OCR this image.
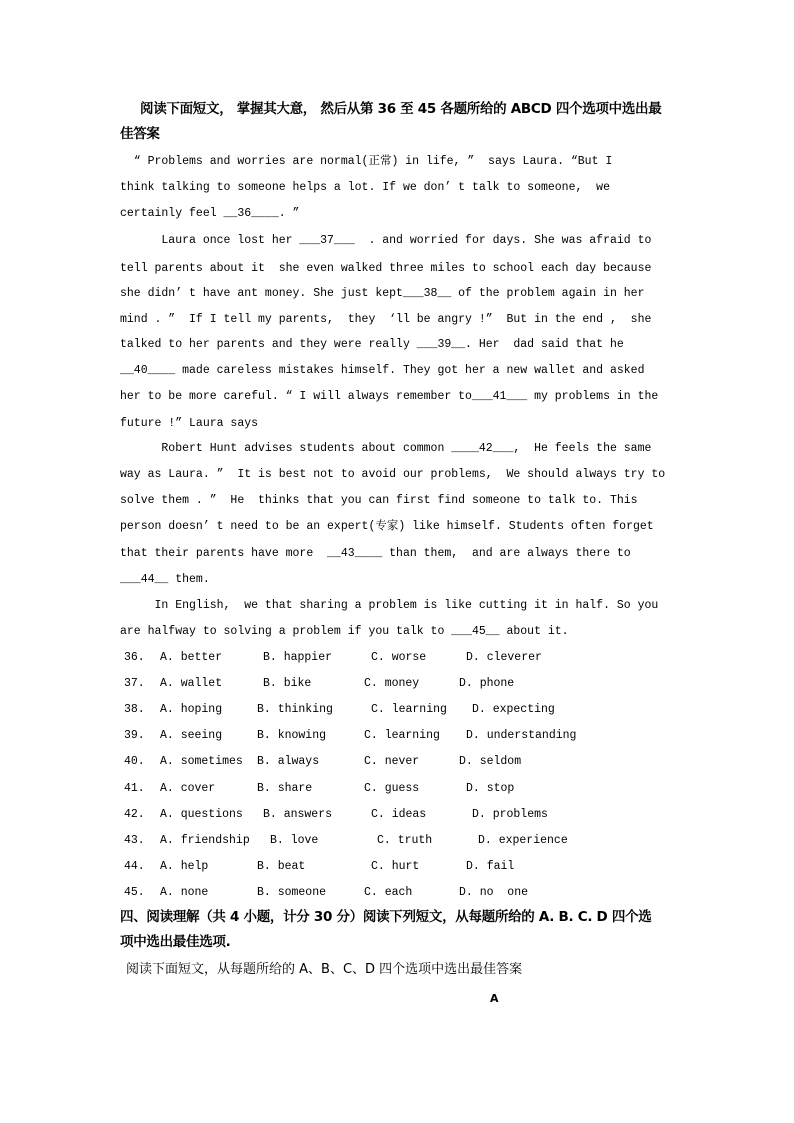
阅读下面短文， 掌握其大意， 然后从第 36 至 45 各题所给的 ABCD 四个选项中选出最
佳答案
“ Problems and worries are normal(正常) in life, ”  says Laura. “But I
think talking to someone helps a lot. If we don’ t talk to someone,  we
certainly feel __36____. ”
Laura once lost her ___37___  . and worried for days. She was afraid to
tell parents about it  she even walked three miles to school each day because
she didn’ t have ant money. She just kept___38__ of the problem again in her
mind . ”  If I tell my parents,  they  ‘ll be angry !”  But in the end ,  she
talked to her parents and they were really ___39__. Her  dad said that he
__40____ made careless mistakes himself. They got her a new wallet and asked
her to be more careful. “ I will always remember to___41___ my problems in the
future !” Laura says
Robert Hunt advises students about common ____42___,  He feels the same
way as Laura. ”  It is best not to avoid our problems,  We should always try to
solve them . ”  He  thinks that you can first find someone to talk to. This
person doesn’ t need to be an expert(专家) like himself. Students often forget
that their parents have more  __43____ than them,  and are always there to
___44__ them.
In English,  we that sharing a problem is like cutting it in half. So you
are halfway to solving a problem if you talk to ___45__ about it.
36. A. better	B. happier	C. worse	D. cleverer
37. A. wallet	B. bike	C. money	D. phone
38. A. hoping	B. thinking	C. learning D. expecting
39. A. seeing	B. knowing	C. learning D. understanding
40. A. sometimes B. always	C. never	D. seldom
41. A. cover	B. share	C. guess	D. stop
42. A. questions B. answers	C. ideas	D. problems
43. A. friendship B. love	C. truth	D. experience
44. A. help	B. beat	C. hurt	D. fail
45. A. none	B. someone	C. each	D. no  one
四、阅读理解（共 4 小题，计分 30 分）阅读下列短文，从每题所给的 A. B. C. D 四个选
项中选出最佳选项.
阅读下面短文，从每题所给的 A、B、C、D 四个选项中选出最佳答案
A
